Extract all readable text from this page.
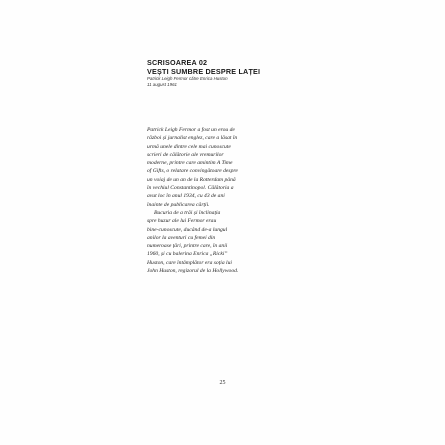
SCRISOAREA 02
VEȘTI SUMBRE DESPRE LAȚEI
Patrick Leigh Fermor către Enrica Huston
11 august 1961
Patrick Leigh Fermor a fost un erou de
război și jurnalist englez, care a lăsat în
urmă unele dintre cele mai cunoscute
scrieri de călătorie ale vremurilor
moderne, printre care amintim A Time
of Gifts, o relatare convingătoare despre
un voiaj de un an de la Rotterdam până
în vechiul Constantinopol. Călătoria a
avut loc în anul 1934, cu 43 de ani
înainte de publicarea cărții.
Bucuria de a trăi și înclinația
spre huzur ale lui Fermor erau
bine-cunoscute, ducând de-a lungul
anilor la aventuri cu femei din
numeroase țări, printre care, în anii
1960, și cu balerina Enrica „Ricki”
Huston, care întâmplător era soția lui
John Huston, regizorul de la Hollywood.
25
